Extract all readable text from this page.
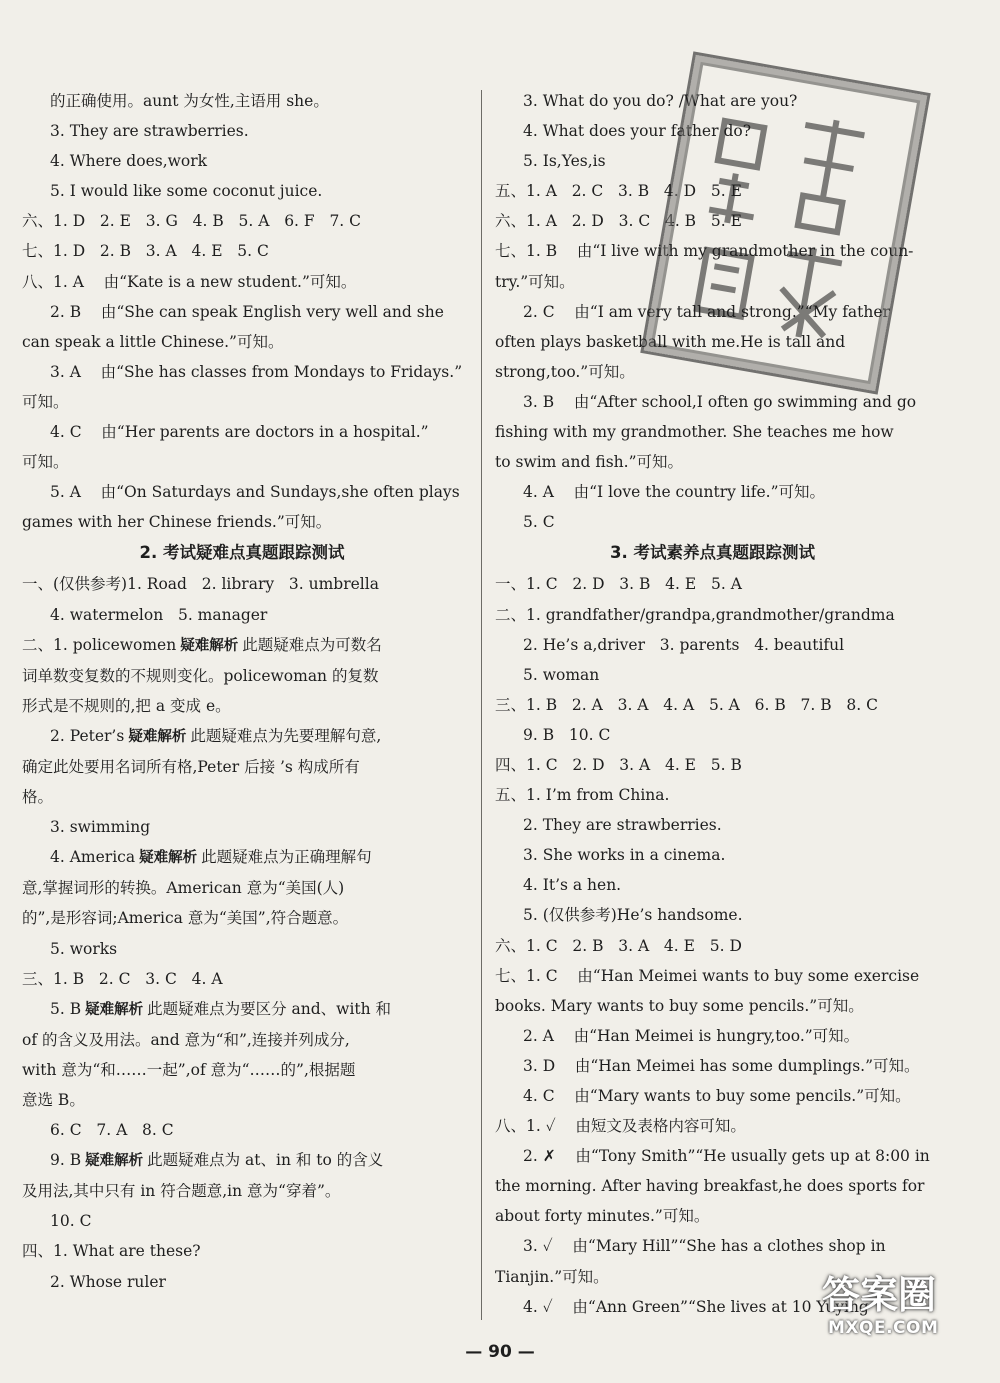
的正确使用。aunt 为女性,主语用 she。
3. They are strawberries.
4. Where does,work
5. I would like some coconut juice.
六、1. D   2. E   3. G   4. B   5. A   6. F   7. C
七、1. D   2. B   3. A   4. E   5. C
八、1. A    由“Kate is a new student.”可知。
2. B    由“She can speak English very well and she
can speak a little Chinese.”可知。
3. A    由“She has classes from Mondays to Fridays.”
可知。
4. C    由“Her parents are doctors in a hospital.”
可知。
5. A    由“On Saturdays and Sundays,she often plays
games with her Chinese friends.”可知。
2. 考试疑难点真题跟踪测试
一、(仅供参考)1. Road   2. library   3. umbrella
4. watermelon   5. manager
二、1. policewomen 疑难解析 此题疑难点为可数名
词单数变复数的不规则变化。policewoman 的复数
形式是不规则的,把 a 变成 e。
2. Peter’s 疑难解析 此题疑难点为先要理解句意,
确定此处要用名词所有格,Peter 后接 ’s 构成所有
格。
3. swimming
4. America 疑难解析 此题疑难点为正确理解句
意,掌握词形的转换。American 意为“美国(人)
的”,是形容词;America 意为“美国”,符合题意。
5. works
三、1. B   2. C   3. C   4. A
5. B 疑难解析 此题疑难点为要区分 and、with 和
of 的含义及用法。and 意为“和”,连接并列成分,
with 意为“和……一起”,of 意为“……的”,根据题
意选 B。
6. C   7. A   8. C
9. B 疑难解析 此题疑难点为 at、in 和 to 的含义
及用法,其中只有 in 符合题意,in 意为“穿着”。
10. C
四、1. What are these?
2. Whose ruler
3. What do you do? /What are you?
4. What does your father do?
5. Is,Yes,is
五、1. A   2. C   3. B   4. D   5. E
六、1. A   2. D   3. C   4. B   5. E
七、1. B    由“I live with my grandmother in the coun-
try.”可知。
2. C    由“I am very tall and strong.”“My father
often plays basketball with me.He is tall and
strong,too.”可知。
3. B    由“After school,I often go swimming and go
fishing with my grandmother. She teaches me how
to swim and fish.”可知。
4. A    由“I love the country life.”可知。
5. C
3. 考试素养点真题跟踪测试
一、1. C   2. D   3. B   4. E   5. A
二、1. grandfather/grandpa,grandmother/grandma
2. He’s a,driver   3. parents   4. beautiful
5. woman
三、1. B   2. A   3. A   4. A   5. A   6. B   7. B   8. C
9. B   10. C
四、1. C   2. D   3. A   4. E   5. B
五、1. I’m from China.
2. They are strawberries.
3. She works in a cinema.
4. It’s a hen.
5. (仅供参考)He’s handsome.
六、1. C   2. B   3. A   4. E   5. D
七、1. C    由“Han Meimei wants to buy some exercise
books. Mary wants to buy some pencils.”可知。
2. A    由“Han Meimei is hungry,too.”可知。
3. D    由“Han Meimei has some dumplings.”可知。
4. C    由“Mary wants to buy some pencils.”可知。
八、1. ✓    由短文及表格内容可知。
2. ✗    由“Tony Smith”“He usually gets up at 8:00 in
the morning. After having breakfast,he does sports for
about forty minutes.”可知。
3. ✓    由“Mary Hill”“She has a clothes shop in
Tianjin.”可知。
4. ✓    由“Ann Green”“She lives at 10 Yuying
— 90 —
答案圈
MXQE.COM
